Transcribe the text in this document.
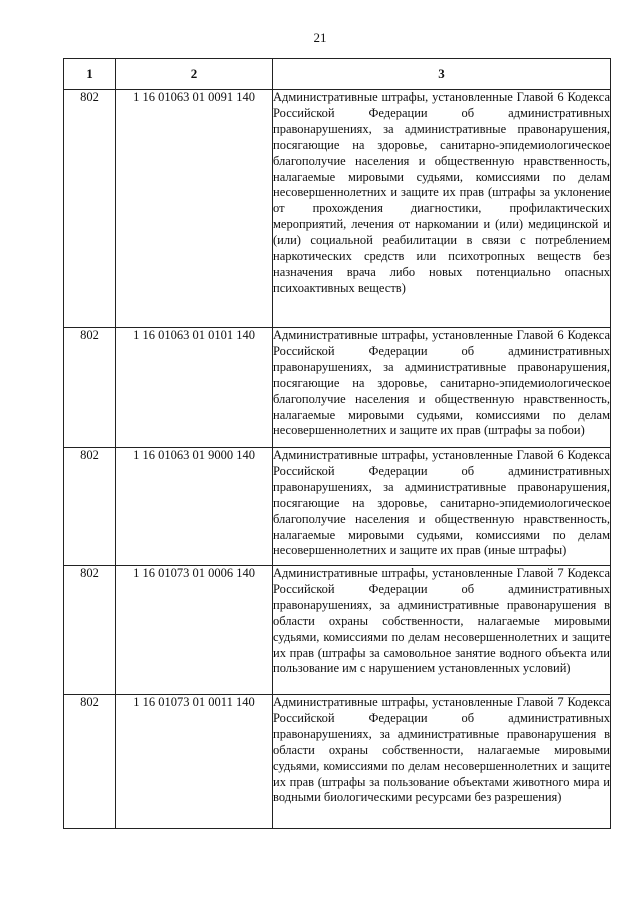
21
1	2	3
802	1 16 01063 01 0091 140	Административные штрафы, установленные Главой 6 Кодекса Российской Федерации об административных правонарушениях, за административные правонарушения, посягающие на здоровье, санитарно-эпидемиологическое благополучие населения и общественную нравственность, налагаемые мировыми судьями, комиссиями по делам несовершеннолетних и защите их прав (штрафы за уклонение от прохождения диагностики, профилактических мероприятий, лечения от наркомании и (или) медицинской и (или) социальной реабилитации в связи с потреблением наркотических средств или психотропных веществ без назначения врача либо новых потенциально опасных психоактивных веществ)
802	1 16 01063 01 0101 140	Административные штрафы, установленные Главой 6 Кодекса Российской Федерации об административных правонарушениях, за административные правонарушения, посягающие на здоровье, санитарно-эпидемиологическое благополучие населения и общественную нравственность, налагаемые мировыми судьями, комиссиями по делам несовершеннолетних и защите их прав (штрафы за побои)
802	1 16 01063 01 9000 140	Административные штрафы, установленные Главой 6 Кодекса Российской Федерации об административных правонарушениях, за административные правонарушения, посягающие на здоровье, санитарно-эпидемиологическое благополучие населения и общественную нравственность, налагаемые мировыми судьями, комиссиями по делам несовершеннолетних и защите их прав (иные штрафы)
802	1 16 01073 01 0006 140	Административные штрафы, установленные Главой 7 Кодекса Российской Федерации об административных правонарушениях, за административные правонарушения в области охраны собственности, налагаемые мировыми судьями, комиссиями по делам несовершеннолетних и защите их прав (штрафы за самовольное занятие водного объекта или пользование им с нарушением установленных условий)
802	1 16 01073 01 0011 140	Административные штрафы, установленные Главой 7 Кодекса Российской Федерации об административных правонарушениях, за административные правонарушения в области охраны собственности, налагаемые мировыми судьями, комиссиями по делам несовершеннолетних и защите их прав (штрафы за пользование объектами животного мира и водными биологическими ресурсами без разрешения)
